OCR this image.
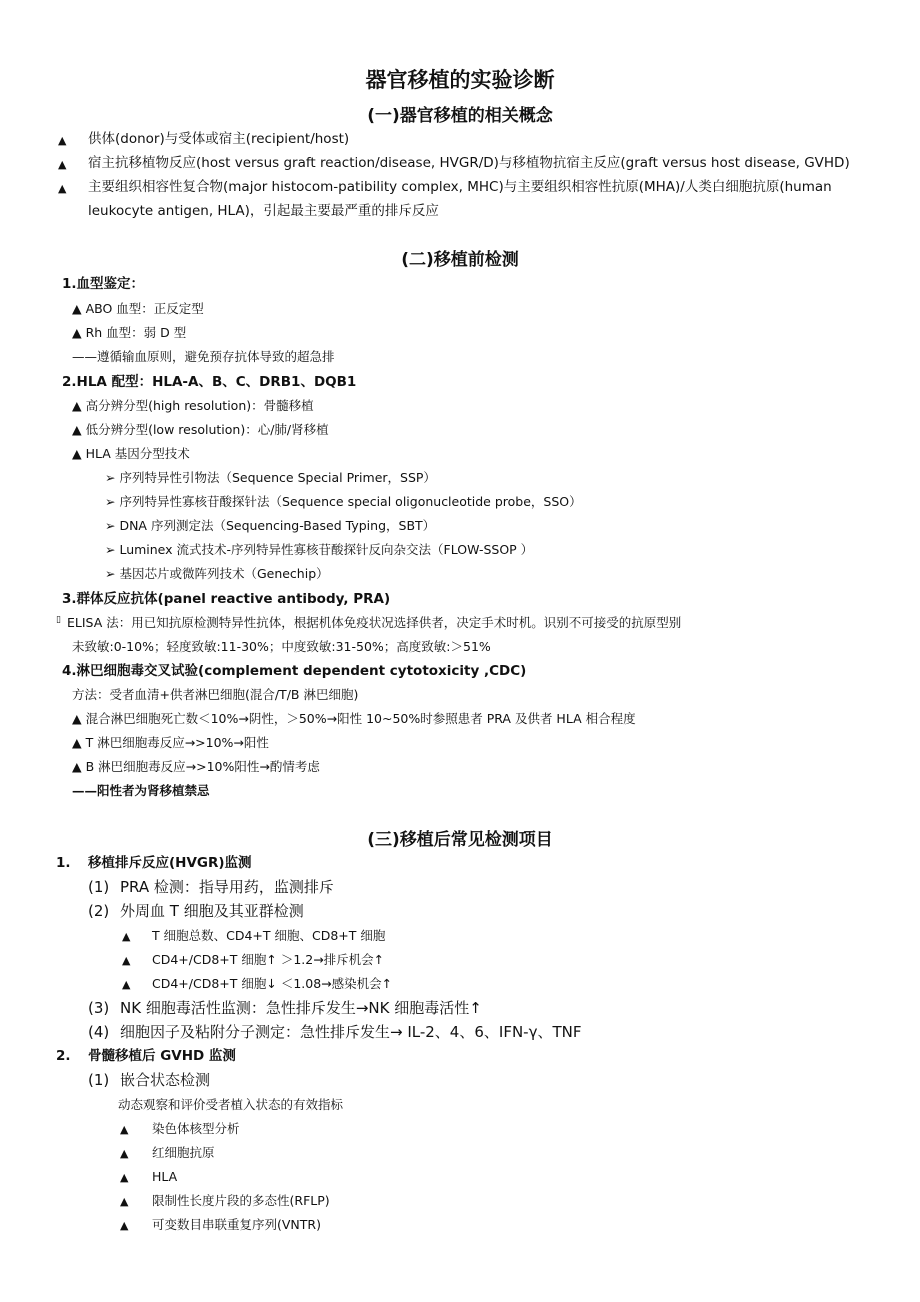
器官移植的实验诊断
(一)器官移植的相关概念
▲ 供体(donor)与受体或宿主(recipient/host)
▲ 宿主抗移植物反应(host versus graft reaction/disease, HVGR/D)与移植物抗宿主反应(graft versus host disease, GVHD)
▲ 主要组织相容性复合物(major histocom-patibility complex, MHC)与主要组织相容性抗原(MHA)/人类白细胞抗原(human
leukocyte antigen, HLA)，引起最主要最严重的排斥反应
(二)移植前检测
1.血型鉴定：
▲ ABO 血型：正反定型
▲ Rh 血型：弱 D 型
——遵循输血原则，避免预存抗体导致的超急排
2.HLA 配型：HLA-A、B、C、DRB1、DQB1
▲ 高分辨分型(high resolution)：骨髓移植
▲ 低分辨分型(low resolution)：心/肺/肾移植
▲ HLA 基因分型技术
➢ 序列特异性引物法（Sequence Special Primer，SSP）
➢ 序列特异性寡核苷酸探针法（Sequence special oligonucleotide probe，SSO）
➢ DNA 序列测定法（Sequencing-Based Typing，SBT）
➢ Luminex 流式技术-序列特异性寡核苷酸探针反向杂交法（FLOW-SSOP ）
➢ 基因芯片或微阵列技术（Genechip）
3.群体反应抗体(panel reactive antibody, PRA)
▯ ELISA 法：用已知抗原检测特异性抗体，根据机体免疫状况选择供者，决定手术时机。识别不可接受的抗原型别
未致敏:0-10%；轻度致敏:11-30%；中度致敏:31-50%；高度致敏:＞51%
4.淋巴细胞毒交叉试验(complement dependent cytotoxicity ,CDC)
方法：受者血清+供者淋巴细胞(混合/T/B 淋巴细胞)
▲ 混合淋巴细胞死亡数＜10%→阴性，＞50%→阳性 10~50%时参照患者 PRA 及供者 HLA 相合程度
▲ T 淋巴细胞毒反应→>10%→阳性
▲ B 淋巴细胞毒反应→>10%阳性→酌情考虑
——阳性者为肾移植禁忌
(三)移植后常见检测项目
1. 移植排斥反应(HVGR)监测
(1) PRA 检测：指导用药，监测排斥
(2) 外周血 T 细胞及其亚群检测
▲ T 细胞总数、CD4+T 细胞、CD8+T 细胞
▲ CD4+/CD8+T 细胞↑ ＞1.2→排斥机会↑
▲ CD4+/CD8+T 细胞↓ ＜1.08→感染机会↑
(3) NK 细胞毒活性监测：急性排斥发生→NK 细胞毒活性↑
(4) 细胞因子及粘附分子测定：急性排斥发生→ IL-2、4、6、IFN-γ、TNF
2. 骨髓移植后 GVHD 监测
(1) 嵌合状态检测
动态观察和评价受者植入状态的有效指标
▲ 染色体核型分析
▲ 红细胞抗原
▲ HLA
▲ 限制性长度片段的多态性(RFLP)
▲ 可变数目串联重复序列(VNTR)
